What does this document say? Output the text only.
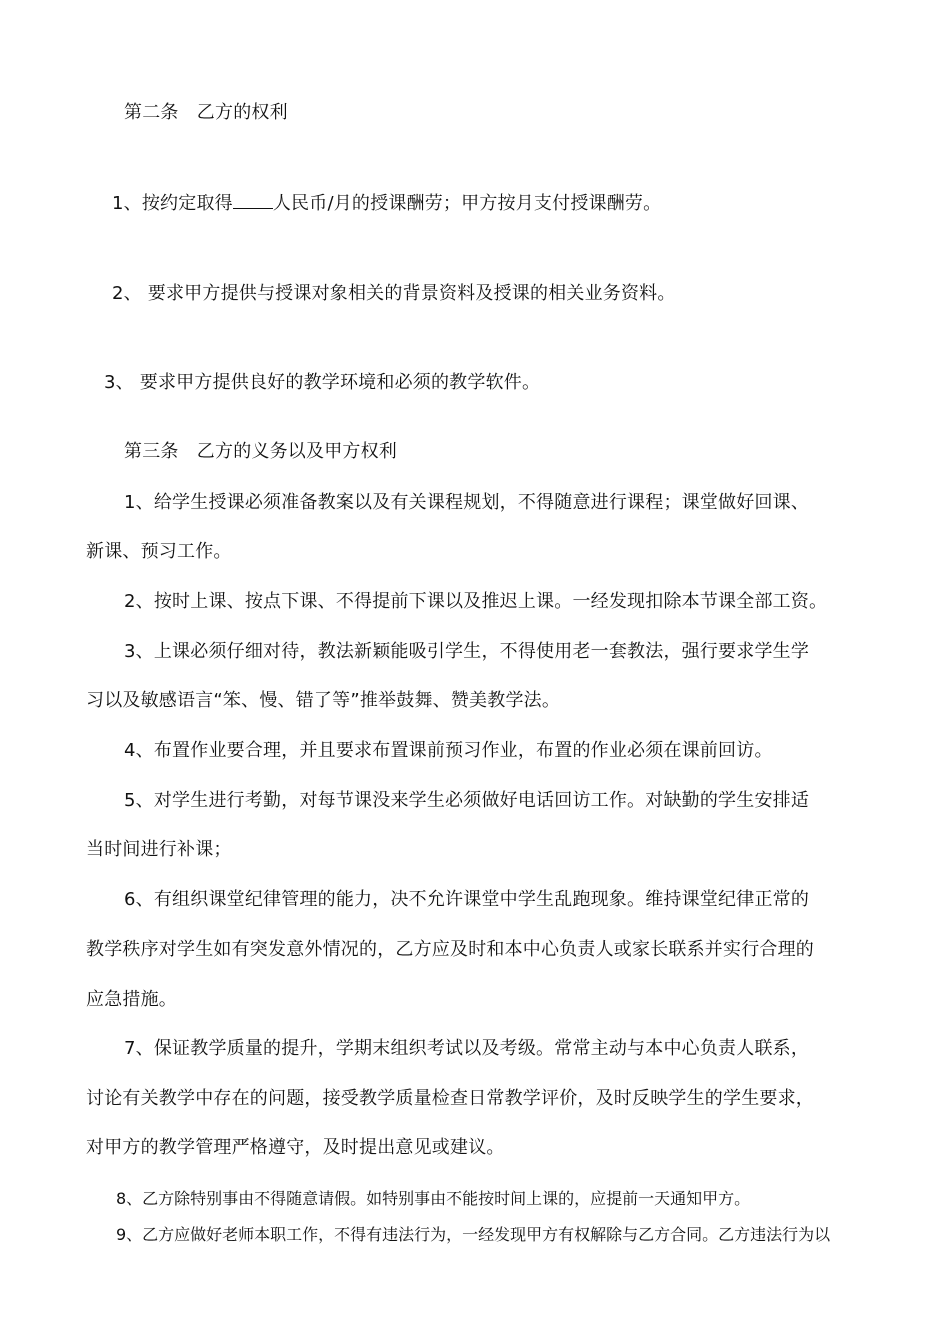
第二条　乙方的权利
1、按约定取得 人民币/月的授课酬劳；甲方按月支付授课酬劳。
2、 要求甲方提供与授课对象相关的背景资料及授课的相关业务资料。
3、 要求甲方提供良好的教学环境和必须的教学软件。
第三条　乙方的义务以及甲方权利
1、给学生授课必须准备教案以及有关课程规划，不得随意进行课程；课堂做好回课、
新课、预习工作。
2、按时上课、按点下课、不得提前下课以及推迟上课。一经发现扣除本节课全部工资。
3、上课必须仔细对待，教法新颖能吸引学生，不得使用老一套教法，强行要求学生学
习以及敏感语言“笨、慢、错了等”推举鼓舞、赞美教学法。
4、布置作业要合理，并且要求布置课前预习作业，布置的作业必须在课前回访。
5、对学生进行考勤，对每节课没来学生必须做好电话回访工作。对缺勤的学生安排适
当时间进行补课；
6、有组织课堂纪律管理的能力，决不允许课堂中学生乱跑现象。维持课堂纪律正常的
教学秩序对学生如有突发意外情况的，乙方应及时和本中心负责人或家长联系并实行合理的
应急措施。
7、保证教学质量的提升，学期末组织考试以及考级。常常主动与本中心负责人联系，
讨论有关教学中存在的问题，接受教学质量检查日常教学评价，及时反映学生的学生要求，
对甲方的教学管理严格遵守，及时提出意见或建议。
8、乙方除特别事由不得随意请假。如特别事由不能按时间上课的，应提前一天通知甲方。
9、乙方应做好老师本职工作，不得有违法行为，一经发现甲方有权解除与乙方合同。乙方违法行为以
